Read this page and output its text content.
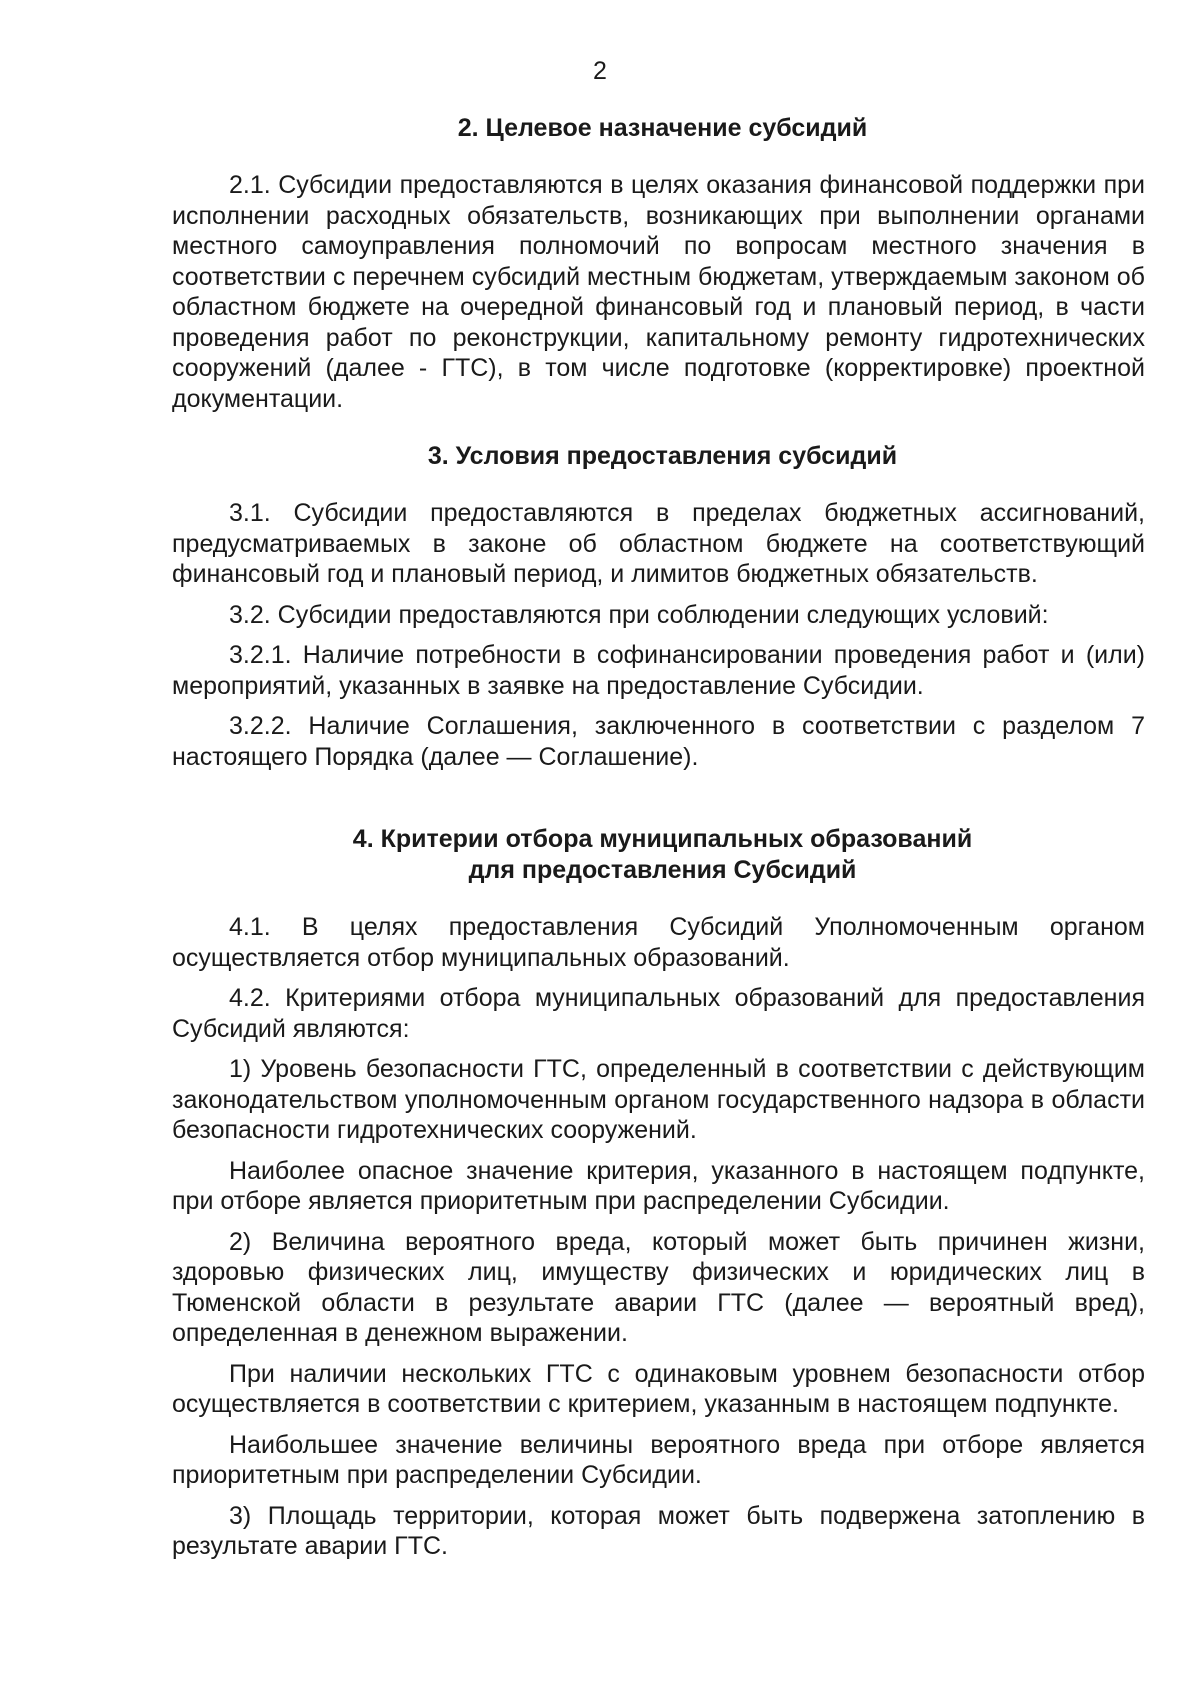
2
2. Целевое назначение субсидий

2.1. Субсидии предоставляются в целях оказания финансовой поддержки при исполнении расходных обязательств, возникающих при выполнении органами местного самоуправления полномочий по вопросам местного значения в соответствии с перечнем субсидий местным бюджетам, утверждаемым законом об областном бюджете на очередной финансовый год и плановый период, в части проведения работ по реконструкции, капитальному ремонту гидротехнических сооружений (далее - ГТС), в том числе подготовке (корректировке) проектной документации.

3. Условия предоставления субсидий

3.1. Субсидии предоставляются в пределах бюджетных ассигнований, предусматриваемых в законе об областном бюджете на соответствующий финансовый год и плановый период, и лимитов бюджетных обязательств.

3.2. Субсидии предоставляются при соблюдении следующих условий:

3.2.1. Наличие потребности в софинансировании проведения работ и (или) мероприятий, указанных в заявке на предоставление Субсидии.

3.2.2. Наличие Соглашения, заключенного в соответствии с разделом 7 настоящего Порядка (далее — Соглашение).

4. Критерии отбора муниципальных образований
для предоставления Субсидий

4.1. В целях предоставления Субсидий Уполномоченным органом осуществляется отбор муниципальных образований.

4.2. Критериями отбора муниципальных образований для предоставления Субсидий являются:

1) Уровень безопасности ГТС, определенный в соответствии с действующим законодательством уполномоченным органом государственного надзора в области безопасности гидротехнических сооружений.

Наиболее опасное значение критерия, указанного в настоящем подпункте, при отборе является приоритетным при распределении Субсидии.

2) Величина вероятного вреда, который может быть причинен жизни, здоровью физических лиц, имуществу физических и юридических лиц в Тюменской области в результате аварии ГТС (далее — вероятный вред), определенная в денежном выражении.

При наличии нескольких ГТС с одинаковым уровнем безопасности отбор осуществляется в соответствии с критерием, указанным в настоящем подпункте.

Наибольшее значение величины вероятного вреда при отборе является приоритетным при распределении Субсидии.

3) Площадь территории, которая может быть подвержена затоплению в результате аварии ГТС.
